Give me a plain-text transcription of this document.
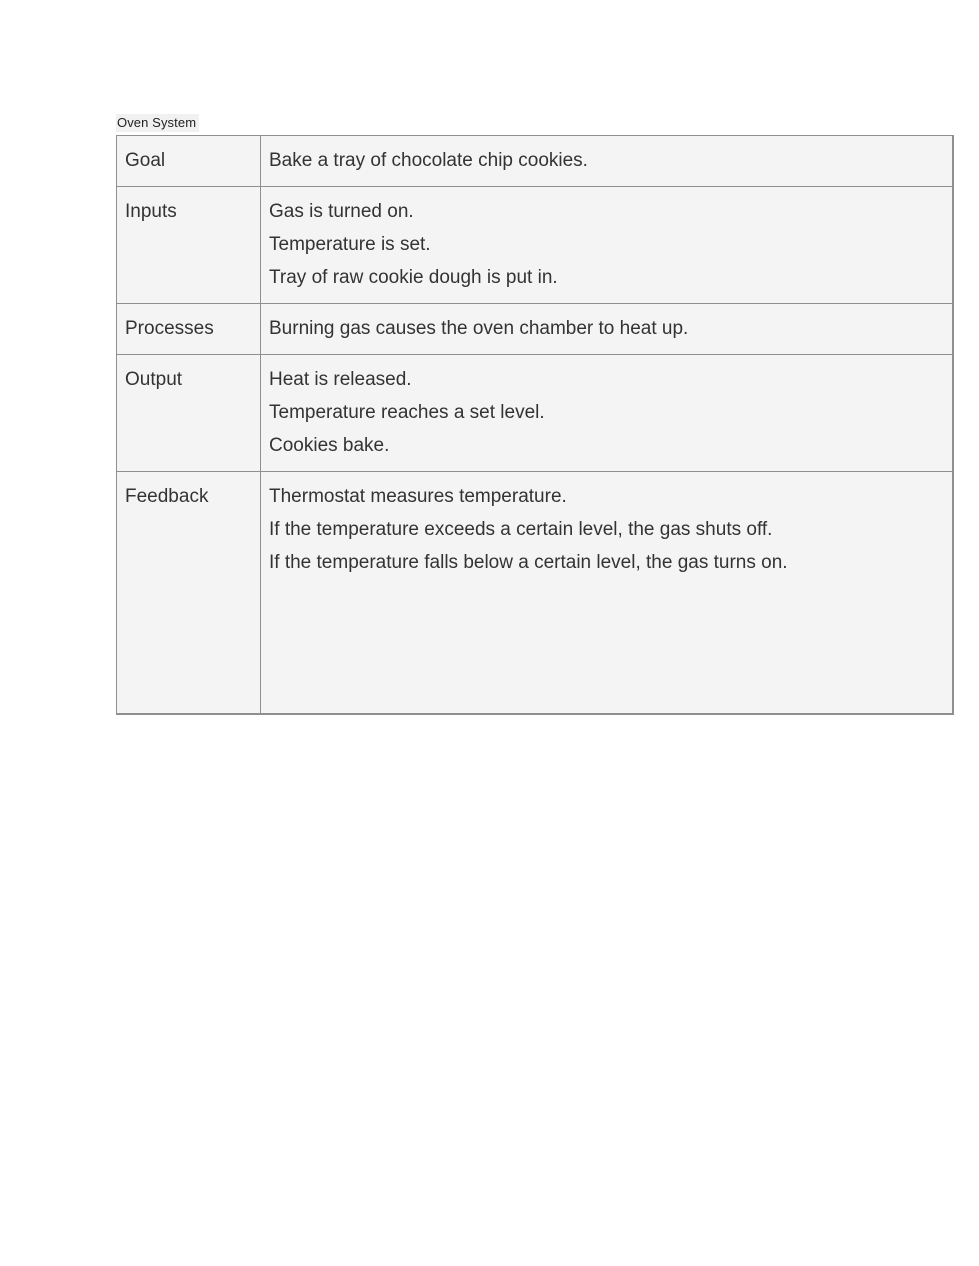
Oven System
Goal	Bake a tray of chocolate chip cookies.

Inputs	Gas is turned on.
Temperature is set.
Tray of raw cookie dough is put in.

Processes	Burning gas causes the oven chamber to heat up.

Output	Heat is released.
Temperature reaches a set level.
Cookies bake.

Feedback	Thermostat measures temperature.
If the temperature exceeds a certain level, the gas shuts off.
If the temperature falls below a certain level, the gas turns on.
